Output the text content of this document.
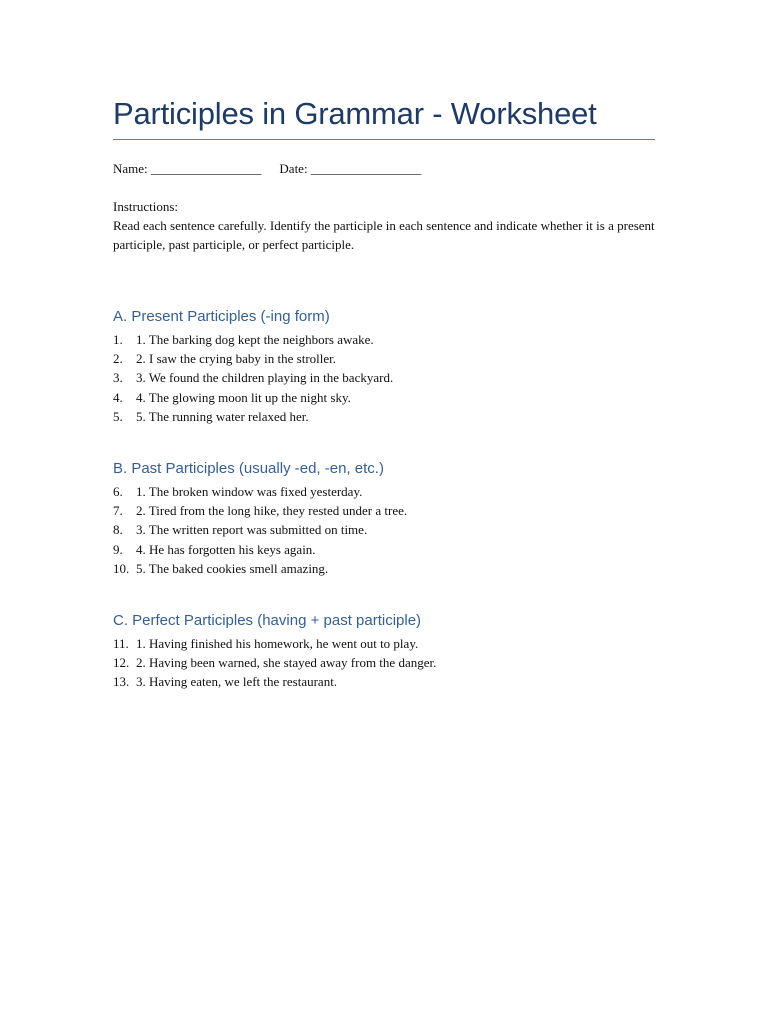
Participles in Grammar - Worksheet
Name: _________________ Date: _________________

Instructions:

Read each sentence carefully. Identify the participle in each sentence and indicate whether it is a present participle, past participle, or perfect participle.

A. Present Participles (-ing form)
1.	1. The barking dog kept the neighbors awake.
2.	2. I saw the crying baby in the stroller.
3.	3. We found the children playing in the backyard.
4.	4. The glowing moon lit up the night sky.
5.	5. The running water relaxed her.
B. Past Participles (usually -ed, -en, etc.)
6.	1. The broken window was fixed yesterday.
7.	2. Tired from the long hike, they rested under a tree.
8.	3. The written report was submitted on time.
9.	4. He has forgotten his keys again.
10. 5. The baked cookies smell amazing.
C. Perfect Participles (having + past participle)
11. 1. Having finished his homework, he went out to play.
12. 2. Having been warned, she stayed away from the danger.
13. 3. Having eaten, we left the restaurant.
